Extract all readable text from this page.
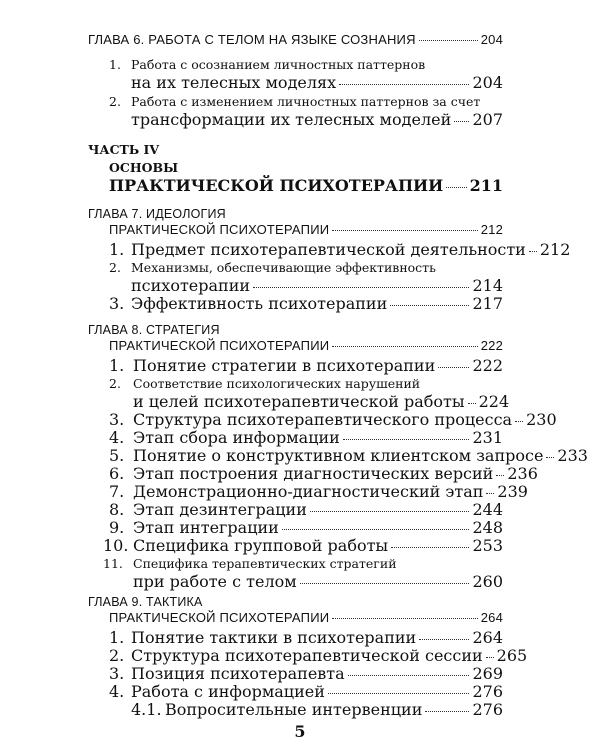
ГЛАВА 6. РАБОТА С ТЕЛОМ НА ЯЗЫКЕ СОЗНАНИЯ	204
1. Работа с осознанием личностных паттернов
на их телесных моделях	204
2. Работа с изменением личностных паттернов за счет
трансформации их телесных моделей 207
ЧАСТЬ IV
ОСНОВЫ
ПРАКТИЧЕСКОЙ ПСИХОТЕРАПИИ 211
ГЛАВА 7. ИДЕОЛОГИЯ
ПРАКТИЧЕСКОЙ ПСИХОТЕРАПИИ	212
1. Предмет психотерапевтической деятельности 212
2. Механизмы, обеспечивающие эффективность
психотерапии	214
3. Эффективность психотерапии	217
ГЛАВА 8. СТРАТЕГИЯ
ПРАКТИЧЕСКОЙ ПСИХОТЕРАПИИ	222
1. Понятие стратегии в психотерапии 222
2. Соответствие психологических нарушений
и целей психотерапевтической работы 224
3. Структура психотерапевтического процесса 230
4. Этап сбора информации	231
5. Понятие о конструктивном клиентском запросе 233
6. Этап построения диагностических версий 236
7. Демонстрационно-диагностический этап 239
8. Этап дезинтеграции	244
9. Этап интеграции	248
10. Специфика групповой работы	253
11. Специфика терапевтических стратегий
при работе с телом	260
ГЛАВА 9. ТАКТИКА
ПРАКТИЧЕСКОЙ ПСИХОТЕРАПИИ	264
1. Понятие тактики в психотерапии	264
2. Структура психотерапевтической сессии 265
3. Позиция психотерапевта	269
4. Работа с информацией	276
4.1. Вопросительные интервенции	276
5
